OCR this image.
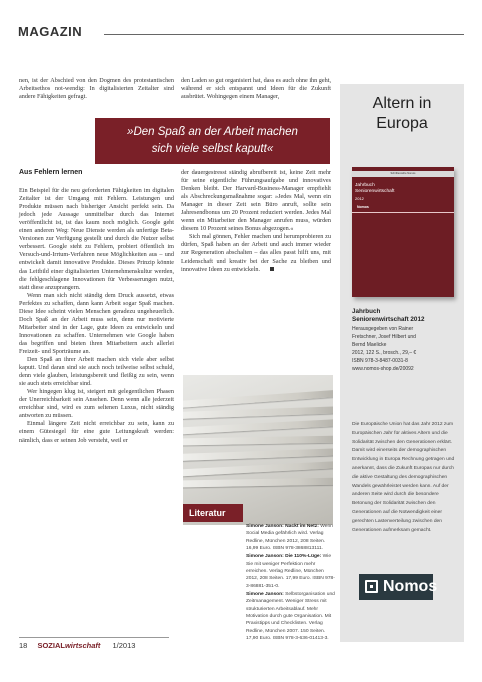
MAGAZIN

nen, ist der Abschied von den Dogmen des protestantischen Arbeitsethos not-wendig: In digitalisierten Zeitalter sind andere Fähigkeiten gefragt.

den Laden so gut organisiert hat, dass es auch ohne ihn geht, während er sich entspannt und Ideen für die Zukunft ausbrütet. Wohingegen einem Manager,

»Den Spaß an der Arbeit machen

sich viele selbst kaputt«

Aus Fehlern lernen

Ein Beispiel für die neu geforderten Fähigkeiten im digitalen Zeitalter ist der Umgang mit Fehlern. Leistungen und Produkte müssen nach bisheriger Ansicht perfekt sein. Da jedoch jede Aussage unmittelbar durch das Internet veröffentlicht ist, ist das kaum noch möglich. Google geht einen anderen Weg: Neue Dienste werden als unfertige Beta-Versionen zur Verfügung gestellt und durch die Nutzer selbst verbessert. Google steht zu Fehlern, probiert öffentlich im Versuch-und-Irrtum-Verfahren neue Möglichkeiten aus – und entwickelt damit innovative Produkte. Dieses Prinzip könnte das Leitbild einer digitalisierten Unternehmenskultur werden, die fehlgeschlagene Innovationen für Verbesserungen nutzt, statt diese anzuprangern.

Wenn man sich nicht ständig dem Druck aussetzt, etwas Perfektes zu schaffen, dann kann Arbeit sogar Spaß machen. Diese Idee scheint vielen Menschen geradezu ungeheuerlich. Doch Spaß an der Arbeit muss sein, denn nur motivierte Mitarbeiter sind in der Lage, gute Ideen zu entwickeln und Innovationen zu schaffen. Unternehmen wie Google haben das begriffen und bieten ihren Mitarbeitern auch allerlei Freizeit- und Sporträume an.

Den Spaß an ihrer Arbeit machen sich viele aber selbst kaputt. Und daran sind sie auch noch teilweise selbst schuld, denn viele glauben, leistungsbereit und fleißig zu sein, wenn sie auch stets erreichbar sind.

Wer hingegen klug ist, steigert mit gelegentlichen Phasen der Unerreichbarkeit sein Ansehen. Denn wenn alle jederzeit erreichbar sind, wird es zum seltenen Luxus, nicht ständig antworten zu müssen.

Einmal längere Zeit nicht erreichbar zu sein, kann zu einem Gütesiegel für eine gute Leitungskraft werden: nämlich, dass er seinen Job versteht, weil er

der dauergestresst ständig abrufbereit ist, keine Zeit mehr für seine eigentliche Führungsaufgabe und innovatives Denken bleibt. Der Harvard-Business-Manager empfiehlt als Abschreckungsmaßnahme sogar: »Jedes Mal, wenn ein Manager in dieser Zeit sein Büro anruft, sollte sein Jahresendbonus um 20 Prozent reduziert werden. Jedes Mal wenn ein Mitarbeiter den Manager anrufen muss, würden diesem 10 Prozent seines Bonus abgezogen.«

Sich mal gönnen, Fehler machen und herumprobieren zu dürfen, Spaß haben an der Arbeit und auch immer wieder zur Regeneration abschalten – das alles passt hilft uns, mit Leidenschaft und kreativ bei der Sache zu bleiben und innovative Ideen zu entwickeln.

Literatur
Simone Janson: Nackt im Netz: Wenn Social Media gefährlich wird. Verlag Redline, München 2012, 208 Seiten. 16,99 Euro. ISBN 978-3868813111.
Simone Janson: Die 110%-Lüge: Wie Sie mit weniger Perfektion mehr erreichen. Verlag Redline, München 2012, 208 Seiten. 17,99 Euro. ISBN 978-3-86881-351-0.
Simone Janson: Selbstorganisation und Zeitmanagement. Weniger Stress mit strukturierten Arbeitsablauf. Mehr Motivation durch gute Organisation. Mit Praxistipps und Checklisten. Verlag Redline, München 2007. 150 Seiten. 17,90 Euro. ISBN 978-3-636-01413-3.
Altern in
Europa
Schriftenreihe Nomos
Jahrbuch
Seniorenwirtschaft
2012
Nomos
Jahrbuch
Seniorenwirtschaft 2012
Herausgegeben von Rainer
Fretschner, Josef Hilbert und
Bernd Maelicke
2012, 122 S., brosch., 29,– €
ISBN 978-3-8487-0031-8
www.nomos-shop.de/20092
Die Europäische Union hat das Jahr 2012 zum Europäischen Jahr für aktives Altern und die Solidarität zwischen den Generationen erklärt. Damit wird einerseits der demographischen Entwicklung in Europa Rechnung getragen und anerkannt, dass die Zukunft Europas nur durch die aktive Gestaltung des demographischen Wandels gewährleistet werden kann. Auf der anderen Seite wird durch die besondere Betonung der Solidarität zwischen den Generationen auf die Notwendigkeit einer gerechten Lastenverteilung zwischen den Generationen aufmerksam gemacht.
Nomos
18 SOZIALwirtschaft 1/2013
